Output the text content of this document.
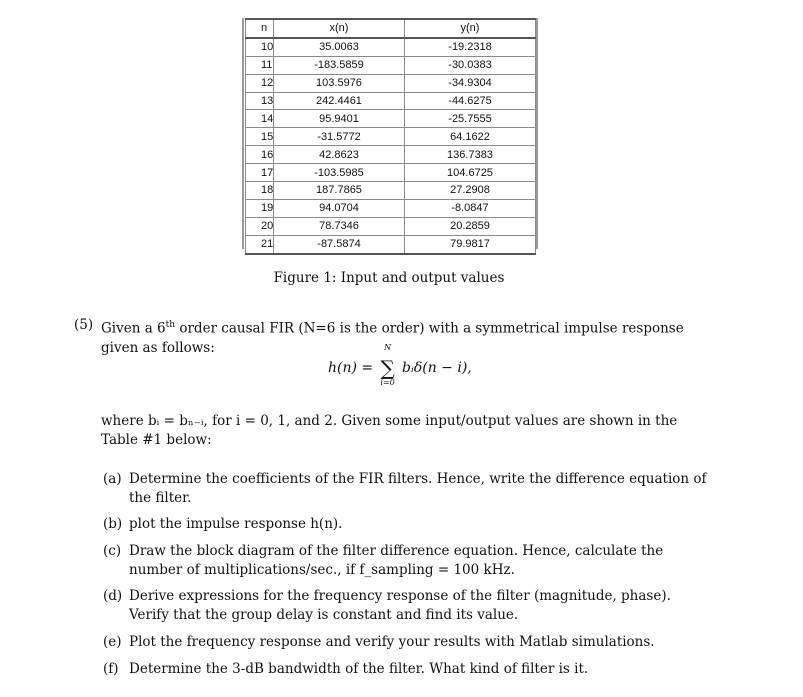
n	x(n)	y(n)
10	35.0063	-19.2318
11	-183.5859	-30.0383
12	103.5976	-34.9304
13	242.4461	-44.6275
14	95.9401	-25.7555
15	-31.5772	64.1622
16	42.8623	136.7383
17	-103.5985	104.6725
18	187.7865	27.2908
19	94.0704	-8.0847
20	78.7346	20.2859
21	-87.5874	79.9817
Figure 1: Input and output values
(5) Given a 6th order causal FIR (N=6 is the order) with a symmetrical impulse response given as follows:
h(n) = ∑
N
i=0
bᵢδ(n − i),
where bᵢ = bₙ₋ᵢ, for i = 0, 1, and 2. Given some input/output values are shown in the Table #1 below:
(a) Determine the coefficients of the FIR filters. Hence, write the difference equation of the filter.
(b) plot the impulse response h(n).
(c) Draw the block diagram of the filter difference equation. Hence, calculate the number of multiplications/sec., if f_sampling = 100 kHz.
(d) Derive expressions for the frequency response of the filter (magnitude, phase). Verify that the group delay is constant and find its value.
(e) Plot the frequency response and verify your results with Matlab simulations.
(f) Determine the 3-dB bandwidth of the filter. What kind of filter is it.
